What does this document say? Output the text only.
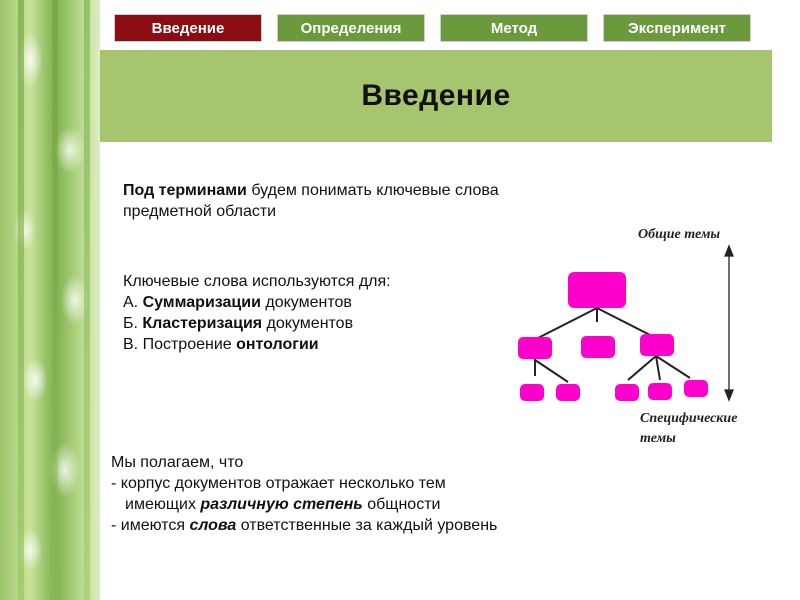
Введение	Определения	Метод	Эксперимент
Введение

Под терминами будем понимать ключевые слова предметной области

Ключевые слова используются для:

А. Суммаризации документов

Б. Кластеризация документов

В. Построение онтологии

Мы полагаем, что

- корпус документов отражает несколько тем

имеющих различную степень общности

- имеются слова ответственные за каждый уровень

Общие темы
Специфические
темы
